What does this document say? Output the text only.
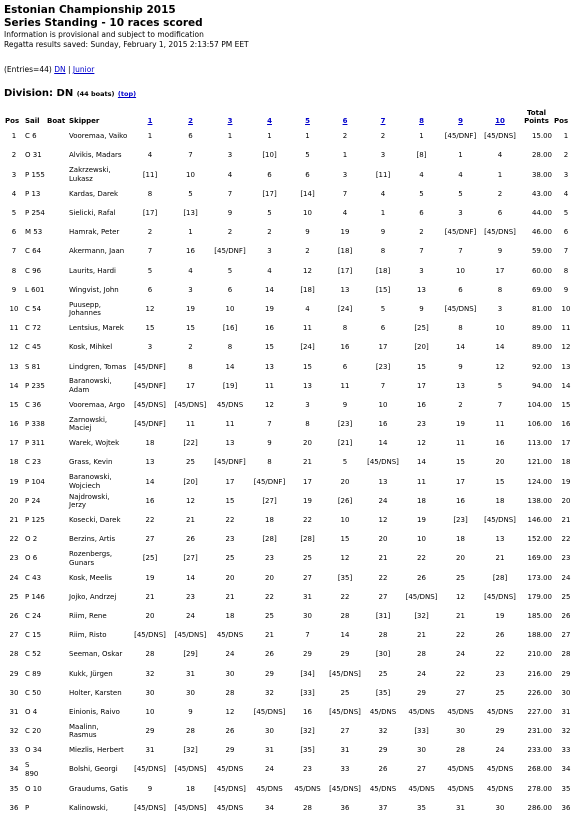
Estonian Championship 2015
Series Standing - 10 races scored
Information is provisional and subject to modification
Regatta results saved: Sunday, February 1, 2015 2:13:57 PM EET
(Entries=44) DN | Junior
Division: DN (44 boats) (top)
Pos	Sail	Boat	Skipper	1	2	3	4	5	6	7	8	9	10	Total Points	Pos
1	C 6		Vooremaa, Vaiko	1	6	1	1	1	2	2	1	[45/DNF]	[45/DNS]	15.00	1
2	O 31		Alvikis, Madars	4	7	3	[10]	5	1	3	[8]	1	4	28.00	2
3	P 155		Zakrzewski, Lukasz	[11]	10	4	6	6	3	[11]	4	4	1	38.00	3
4	P 13		Kardas, Darek	8	5	7	[17]	[14]	7	4	5	5	2	43.00	4
5	P 254		Sielicki, Rafal	[17]	[13]	9	5	10	4	1	6	3	6	44.00	5
6	M 53		Hamrak, Peter	2	1	2	2	9	19	9	2	[45/DNF]	[45/DNS]	46.00	6
7	C 64		Akermann, Jaan	7	16	[45/DNF]	3	2	[18]	8	7	7	9	59.00	7
8	C 96		Laurits, Hardi	5	4	5	4	12	[17]	[18]	3	10	17	60.00	8
9	L 601		Wingvist, John	6	3	6	14	[18]	13	[15]	13	6	8	69.00	9
10	C 54		Puusepp, Johannes	12	19	10	19	4	[24]	5	9	[45/DNS]	3	81.00	10
11	C 72		Lentsius, Marek	15	15	[16]	16	11	8	6	[25]	8	10	89.00	11
12	C 45		Kosk, Mihkel	3	2	8	15	[24]	16	17	[20]	14	14	89.00	12
13	S 81		Lindgren, Tomas	[45/DNF]	8	14	13	15	6	[23]	15	9	12	92.00	13
14	P 235		Baranowski, Adam	[45/DNF]	17	[19]	11	13	11	7	17	13	5	94.00	14
15	C 36		Vooremaa, Argo	[45/DNS]	[45/DNS]	45/DNS	12	3	9	10	16	2	7	104.00	15
16	P 338		Zarnowski, Maciej	[45/DNF]	11	11	7	8	[23]	16	23	19	11	106.00	16
17	P 311		Warek, Wojtek	18	[22]	13	9	20	[21]	14	12	11	16	113.00	17
18	C 23		Grass, Kevin	13	25	[45/DNF]	8	21	5	[45/DNS]	14	15	20	121.00	18
19	P 104		Baranowski, Wojciech	14	[20]	17	[45/DNF]	17	20	13	11	17	15	124.00	19
20	P 24		Najdrowski, Jerzy	16	12	15	[27]	19	[26]	24	18	16	18	138.00	20
21	P 125		Kosecki, Darek	22	21	22	18	22	10	12	19	[23]	[45/DNS]	146.00	21
22	O 2		Berzins, Artis	27	26	23	[28]	[28]	15	20	10	18	13	152.00	22
23	O 6		Rozenbergs, Gunars	[25]	[27]	25	23	25	12	21	22	20	21	169.00	23
24	C 43		Kosk, Meelis	19	14	20	20	27	[35]	22	26	25	[28]	173.00	24
25	P 146		Jojko, Andrzej	21	23	21	22	31	22	27	[45/DNS]	12	[45/DNS]	179.00	25
26	C 24		Riim, Rene	20	24	18	25	30	28	[31]	[32]	21	19	185.00	26
27	C 15		Riim, Risto	[45/DNS]	[45/DNS]	45/DNS	21	7	14	28	21	22	26	188.00	27
28	C 52		Seeman, Oskar	28	[29]	24	26	29	29	[30]	28	24	22	210.00	28
29	C 89		Kukk, Jürgen	32	31	30	29	[34]	[45/DNS]	25	24	22	23	216.00	29
30	C 50		Holter, Karsten	30	30	28	32	[33]	25	[35]	29	27	25	226.00	30
31	O 4		Einionis, Raivo	10	9	12	[45/DNS]	16	[45/DNS]	45/DNS	45/DNS	45/DNS	45/DNS	227.00	31
32	C 20		Maalinn, Rasmus	29	28	26	30	[32]	27	32	[33]	30	29	231.00	32
33	O 34		Miezlis, Herbert	31	[32]	29	31	[35]	31	29	30	28	24	233.00	33
34	S 890		Bolshi, Georgi	[45/DNS]	[45/DNS]	45/DNS	24	23	33	26	27	45/DNS	45/DNS	268.00	34
35	O 10		Graudums, Gatis	9	18	[45/DNS]	45/DNS	45/DNS	[45/DNS]	45/DNS	45/DNS	45/DNS	45/DNS	278.00	35
36	P		Kalinowski,	[45/DNS]	[45/DNS]	45/DNS	34	28	36	37	35	31	30	286.00	36
